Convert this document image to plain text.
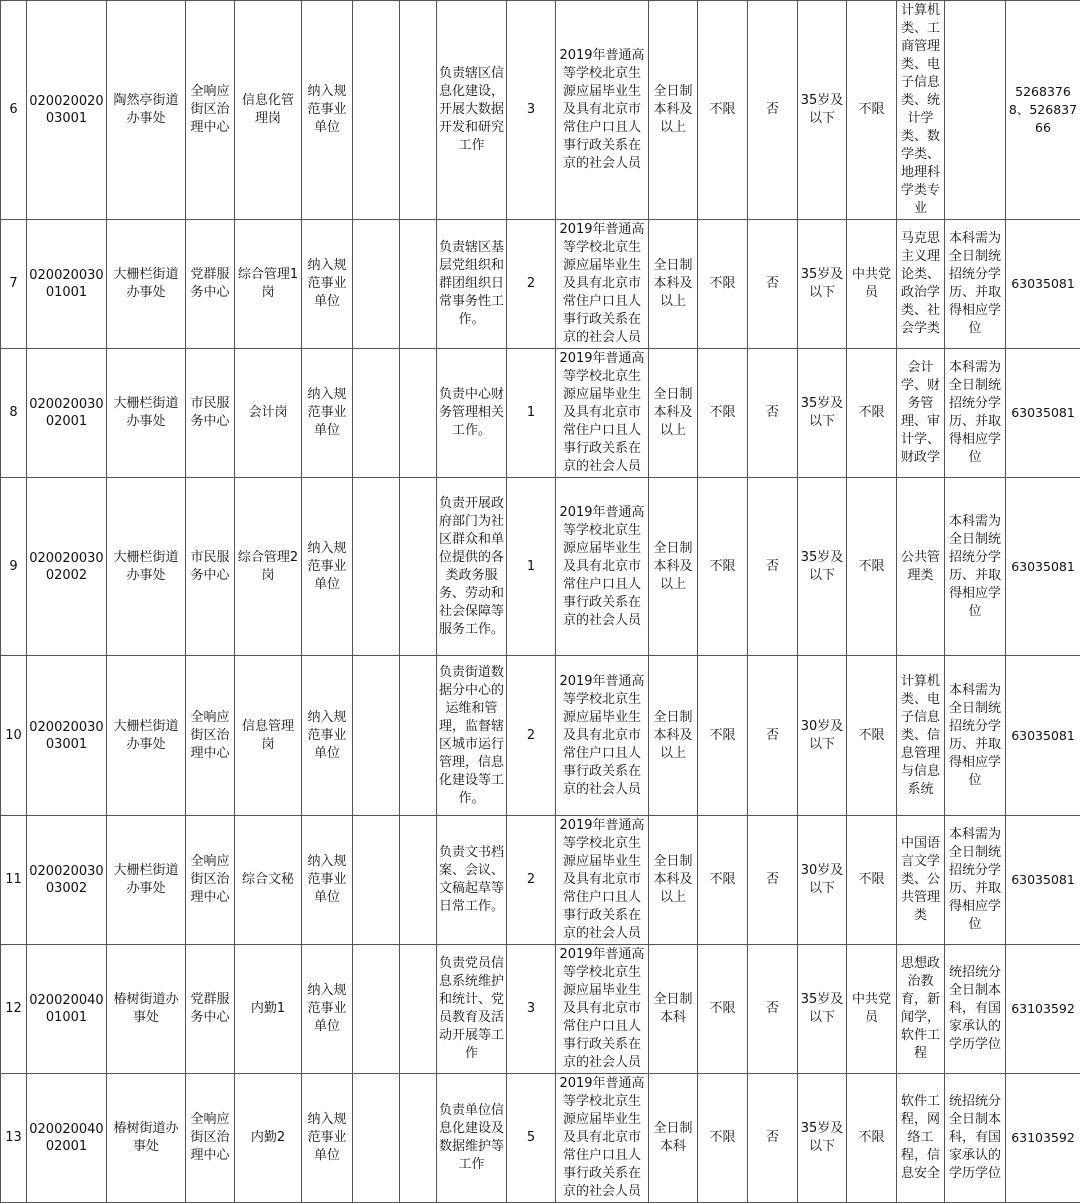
6	020020020 03001	陶然亭街道办事处	全响应街区治理中心	信息化管理岗	纳入规范事业单位			负责辖区信息化建设，开展大数据开发和研究工作	3	2019年普通高等学校北京生源应届毕业生及具有北京市常住户口且人事行政关系在京的社会人员	全日制本科及以上	不限	否	35岁及以下	不限	计算机类、工商管理类、电子信息类、统计学类、数学类、地理科学类专业		52683768、52683766
7	020020030 01001	大栅栏街道办事处	党群服务中心	综合管理1岗	纳入规范事业单位			负责辖区基层党组织和群团组织日常事务性工作。	2	2019年普通高等学校北京生源应届毕业生及具有北京市常住户口且人事行政关系在京的社会人员	全日制本科及以上	不限	否	35岁及以下	中共党员	马克思主义理论类、政治学类、社会学类	本科需为全日制统招统分学历、并取得相应学位	63035081
8	020020030 02001	大栅栏街道办事处	市民服务中心	会计岗	纳入规范事业单位			负责中心财务管理相关工作。	1	2019年普通高等学校北京生源应届毕业生及具有北京市常住户口且人事行政关系在京的社会人员	全日制本科及以上	不限	否	35岁及以下	不限	会计学、财务管理、审计学、财政学	本科需为全日制统招统分学历、并取得相应学位	63035081
9	020020030 02002	大栅栏街道办事处	市民服务中心	综合管理2岗	纳入规范事业单位			负责开展政府部门为社区群众和单位提供的各类政务服务、劳动和社会保障等服务工作。	1	2019年普通高等学校北京生源应届毕业生及具有北京市常住户口且人事行政关系在京的社会人员	全日制本科及以上	不限	否	35岁及以下	不限	公共管理类	本科需为全日制统招统分学历、并取得相应学位	63035081
10	020020030 03001	大栅栏街道办事处	全响应街区治理中心	信息管理岗	纳入规范事业单位			负责街道数据分中心的运维和管理，监督辖区城市运行管理，信息化建设等工作。	2	2019年普通高等学校北京生源应届毕业生及具有北京市常住户口且人事行政关系在京的社会人员	全日制本科及以上	不限	否	30岁及以下	不限	计算机类、电子信息类、信息管理与信息系统	本科需为全日制统招统分学历、并取得相应学位	63035081
11	020020030 03002	大栅栏街道办事处	全响应街区治理中心	综合文秘	纳入规范事业单位			负责文书档案、会议、文稿起草等日常工作。	2	2019年普通高等学校北京生源应届毕业生及具有北京市常住户口且人事行政关系在京的社会人员	全日制本科及以上	不限	否	30岁及以下	不限	中国语言文学类、公共管理类	本科需为全日制统招统分学历、并取得相应学位	63035081
12	020020040 01001	椿树街道办事处	党群服务中心	内勤1	纳入规范事业单位			负责党员信息系统维护和统计、党员教育及活动开展等工作	3	2019年普通高等学校北京生源应届毕业生及具有北京市常住户口且人事行政关系在京的社会人员	全日制本科	不限	否	35岁及以下	中共党员	思想政治教育，新闻学，软件工程	统招统分全日制本科，有国家承认的学历学位	63103592
13	020020040 02001	椿树街道办事处	全响应街区治理中心	内勤2	纳入规范事业单位			负责单位信息化建设及数据维护等工作	5	2019年普通高等学校北京生源应届毕业生及具有北京市常住户口且人事行政关系在京的社会人员	全日制本科	不限	否	35岁及以下	不限	软件工程，网络工程，信息安全	统招统分全日制本科，有国家承认的学历学位	63103592
